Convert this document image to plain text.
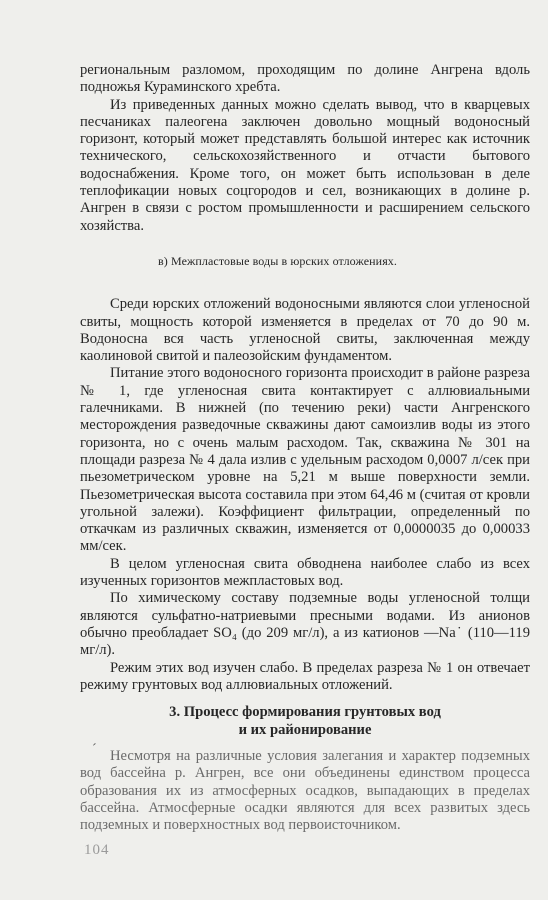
региональным разломом, проходящим по долине Ангрена вдоль подножья Кураминского хребта.

Из приведенных данных можно сделать вывод, что в кварцевых песчаниках палеогена заключен довольно мощный водоносный горизонт, который может представлять большой интерес как источник технического, сельскохозяйственного и отчасти бытового водоснабжения. Кроме того, он может быть использован в деле теплофикации новых соцгородов и сел, возникающих в долине р. Ангрен в связи с ростом промышленности и расширением сельского хозяйства.

в) Межпластовые воды в юрских отложениях.

Среди юрских отложений водоносными являются слои угленосной свиты, мощность которой изменяется в пределах от 70 до 90 м. Водоносна вся часть угленосной свиты, заключенная между каолиновой свитой и палеозойским фундаментом.

Питание этого водоносного горизонта происходит в районе разреза № 1, где угленосная свита контактирует с аллювиальными галечниками. В нижней (по течению реки) части Ангренского месторождения разведочные скважины дают самоизлив воды из этого горизонта, но с очень малым расходом. Так, скважина № 301 на площади разреза № 4 дала излив с удельным расходом 0,0007 л/сек при пьезометрическом уровне на 5,21 м выше поверхности земли. Пьезометрическая высота составила при этом 64,46 м (считая от кровли угольной залежи). Коэффициент фильтрации, определенный по откачкам из различных скважин, изменяется от 0,0000035 до 0,00033 мм/сек.

В целом угленосная свита обводнена наиболее слабо из всех изученных горизонтов межпластовых вод.

По химическому составу подземные воды угленосной толщи являются сульфатно-натриевыми пресными водами. Из анионов обычно преобладает SO₄ (до 209 мг/л), а из катионов —Na˙ (110—119 мг/л).

Режим этих вод изучен слабо. В пределах разреза № 1 он отвечает режиму грунтовых вод аллювиальных отложений.

3. Процесс формирования грунтовых вод
и их районирование

Несмотря на различные условия залегания и характер подземных вод бассейна р. Ангрен, все они объединены единством процесса образования их из атмосферных осадков, выпадающих в пределах бассейна. Атмосферные осадки являются для всех развитых здесь подземных и поверхностных вод первоисточником.

ˊ
104
